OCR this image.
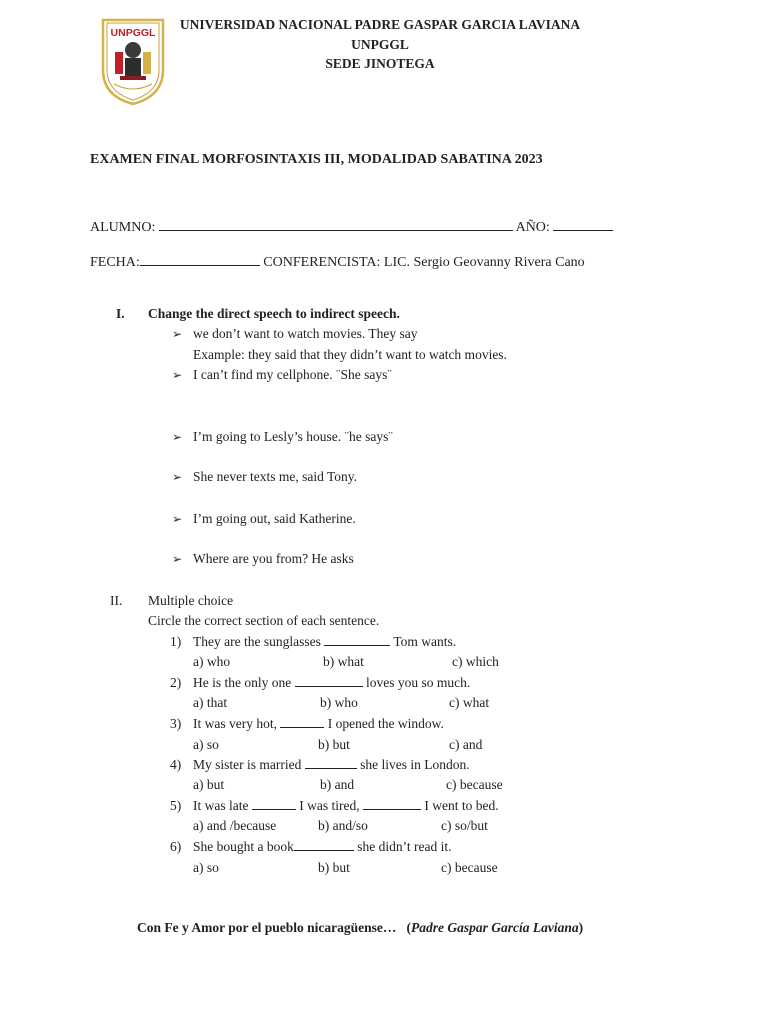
UNPGGL
UNIVERSIDAD NACIONAL PADRE GASPAR GARCIA LAVIANA
UNPGGL
SEDE JINOTEGA
EXAMEN FINAL MORFOSINTAXIS III, MODALIDAD SABATINA 2023
ALUMNO:	AÑO:
FECHA:	CONFERENCISTA: LIC. Sergio Geovanny Rivera Cano
I. Change the direct speech to indirect speech.
➢ we don’t want to watch movies. They say
Example: they said that they didn’t want to watch movies.
➢ I can’t find my cellphone. ¨She says¨
➢ I’m going to Lesly’s house. ¨he says¨
➢ She never texts me, said Tony.
➢ I’m going out, said Katherine.
➢ Where are you from? He asks
II. Multiple choice
Circle the correct section of each sentence.
1) They are the sunglasses	Tom wants.
a) who	b) what	c) which
2) He is the only one	loves you so much.
a) that	b) who	c) what
3) It was very hot,	I opened the window.
a) so	b) but	c) and
4) My sister is married	she lives in London.
a) but	b) and	c) because
5) It was late	I was tired,	I went to bed.
a) and /because	b) and/so	c) so/but
6) She bought a book	she didn’t read it.
a) so	b) but	c) because
Con Fe y Amor por el pueblo nicaragüense…   (Padre Gaspar García Laviana)
